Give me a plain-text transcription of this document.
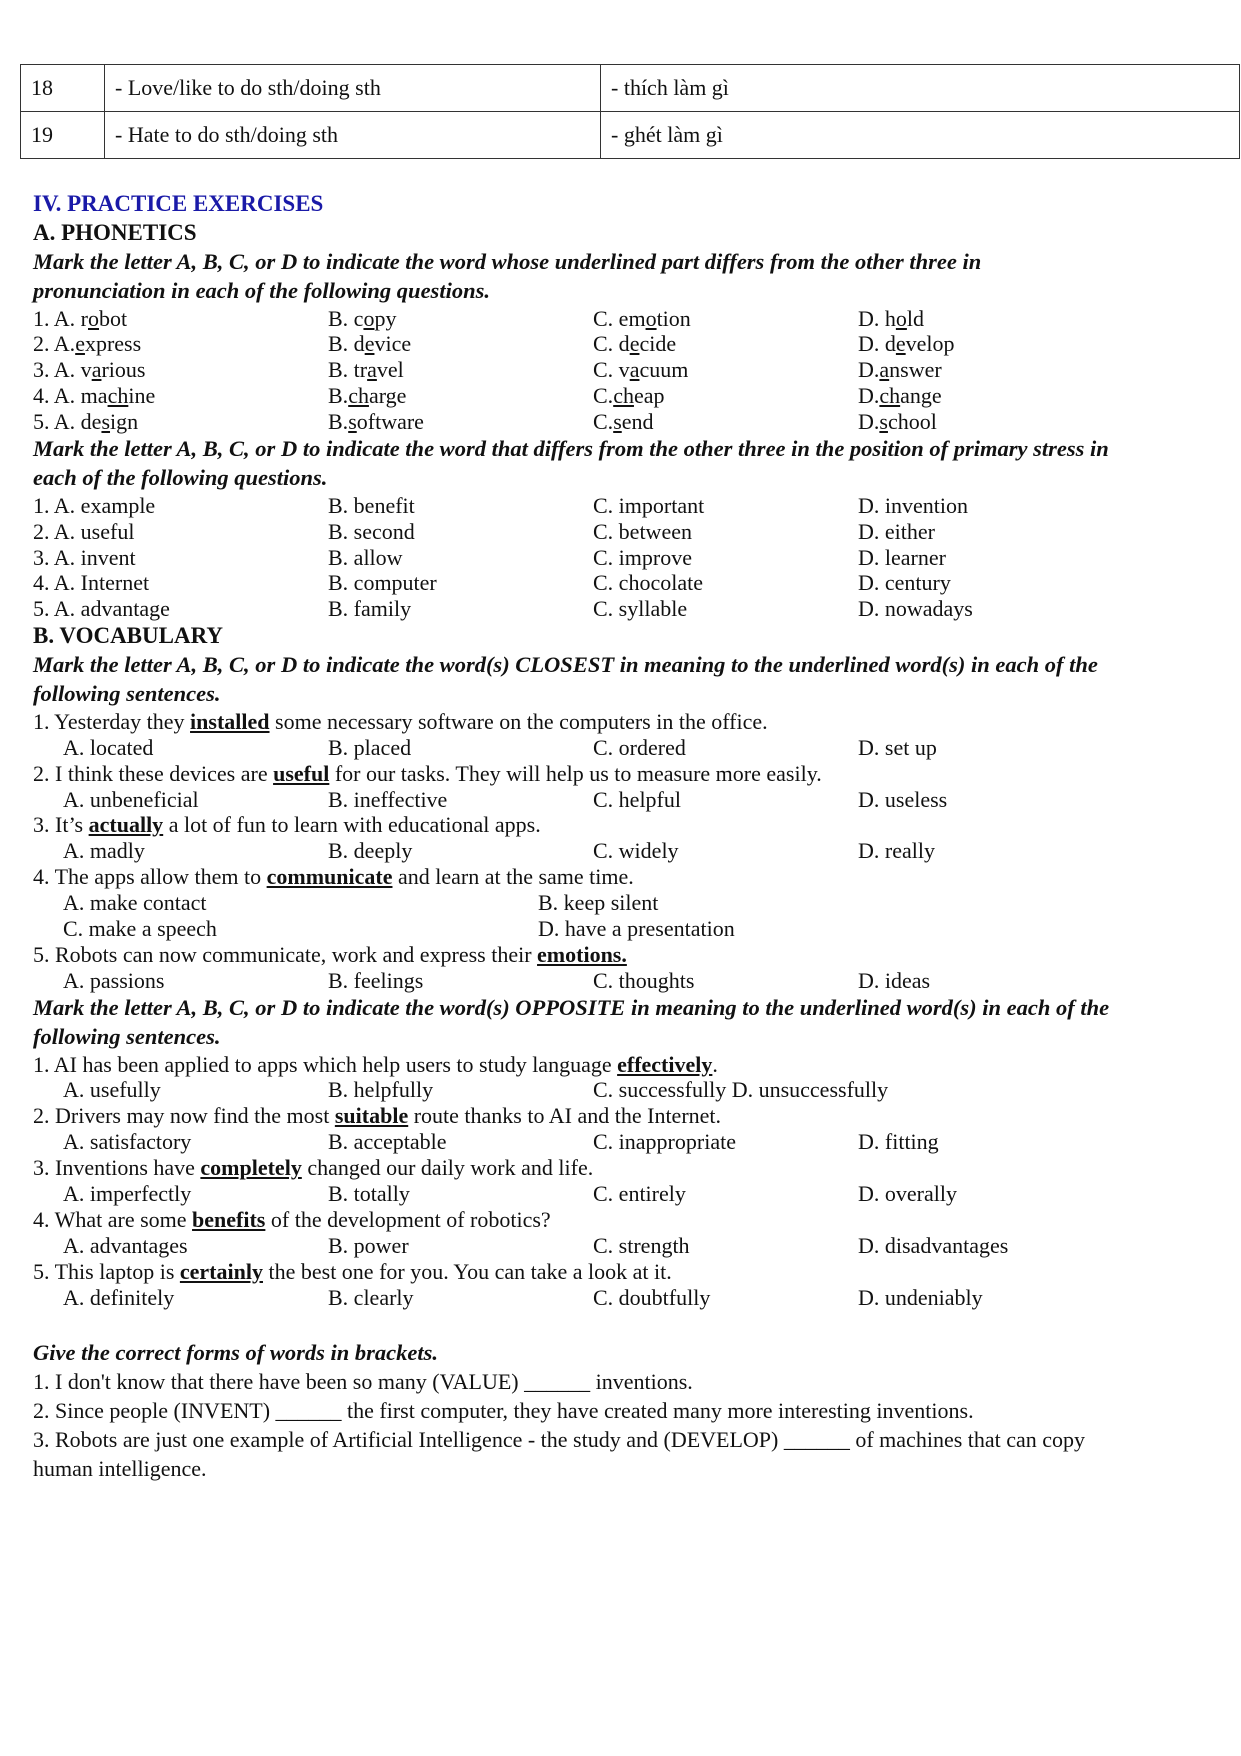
18	- Love/like to do sth/doing sth	- thích làm gì
19	- Hate to do sth/doing sth	- ghét làm gì
IV. PRACTICE EXERCISES
A. PHONETICS
Mark the letter A, B, C, or D to indicate the word whose underlined part differs from the other three in
pronunciation in each of the following questions.
1. A. robot	B. copy	C. emotion	D. hold
2. A.express	B. device	C. decide	D. develop
3. A. various	B. travel	C. vacuum	D.answer
4. A. machine	B.charge	C.cheap	D.change
5. A. design	B.software	C.send	D.school
Mark the letter A, B, C, or D to indicate the word that differs from the other three in the position of primary stress in
each of the following questions.
1. A. example	B. benefit	C. important	D. invention
2. A. useful	B. second	C. between	D. either
3. A. invent	B. allow	C. improve	D. learner
4. A. Internet	B. computer	C. chocolate	D. century
5. A. advantage	B. family	C. syllable	D. nowadays
B. VOCABULARY
Mark the letter A, B, C, or D to indicate the word(s) CLOSEST in meaning to the underlined word(s) in each of the
following sentences.
1. Yesterday they installed some necessary software on the computers in the office.
A. located	B. placed	C. ordered	D. set up
2. I think these devices are useful for our tasks. They will help us to measure more easily.
A. unbeneficial	B. ineffective	C. helpful	D. useless
3. It’s actually a lot of fun to learn with educational apps.
A. madly	B. deeply	C. widely	D. really
4. The apps allow them to communicate and learn at the same time.
A. make contact	B. keep silent
C. make a speech	D. have a presentation
5. Robots can now communicate, work and express their emotions.
A. passions	B. feelings	C. thoughts	D. ideas
Mark the letter A, B, C, or D to indicate the word(s) OPPOSITE in meaning to the underlined word(s) in each of the
following sentences.
1. AI has been applied to apps which help users to study language effectively.
A. usefully	B. helpfully	C. successfully D. unsuccessfully
2. Drivers may now find the most suitable route thanks to AI and the Internet.
A. satisfactory	B. acceptable	C. inappropriate	D. fitting
3. Inventions have completely changed our daily work and life.
A. imperfectly	B. totally	C. entirely	D. overally
4. What are some benefits of the development of robotics?
A. advantages	B. power	C. strength	D. disadvantages
5. This laptop is certainly the best one for you. You can take a look at it.
A. definitely	B. clearly	C. doubtfully	D. undeniably
Give the correct forms of words in brackets.
1. I don't know that there have been so many (VALUE) ______ inventions.
2. Since people (INVENT) ______ the first computer, they have created many more interesting inventions.
3. Robots are just one example of Artificial Intelligence - the study and (DEVELOP) ______ of machines that can copy
human intelligence.
